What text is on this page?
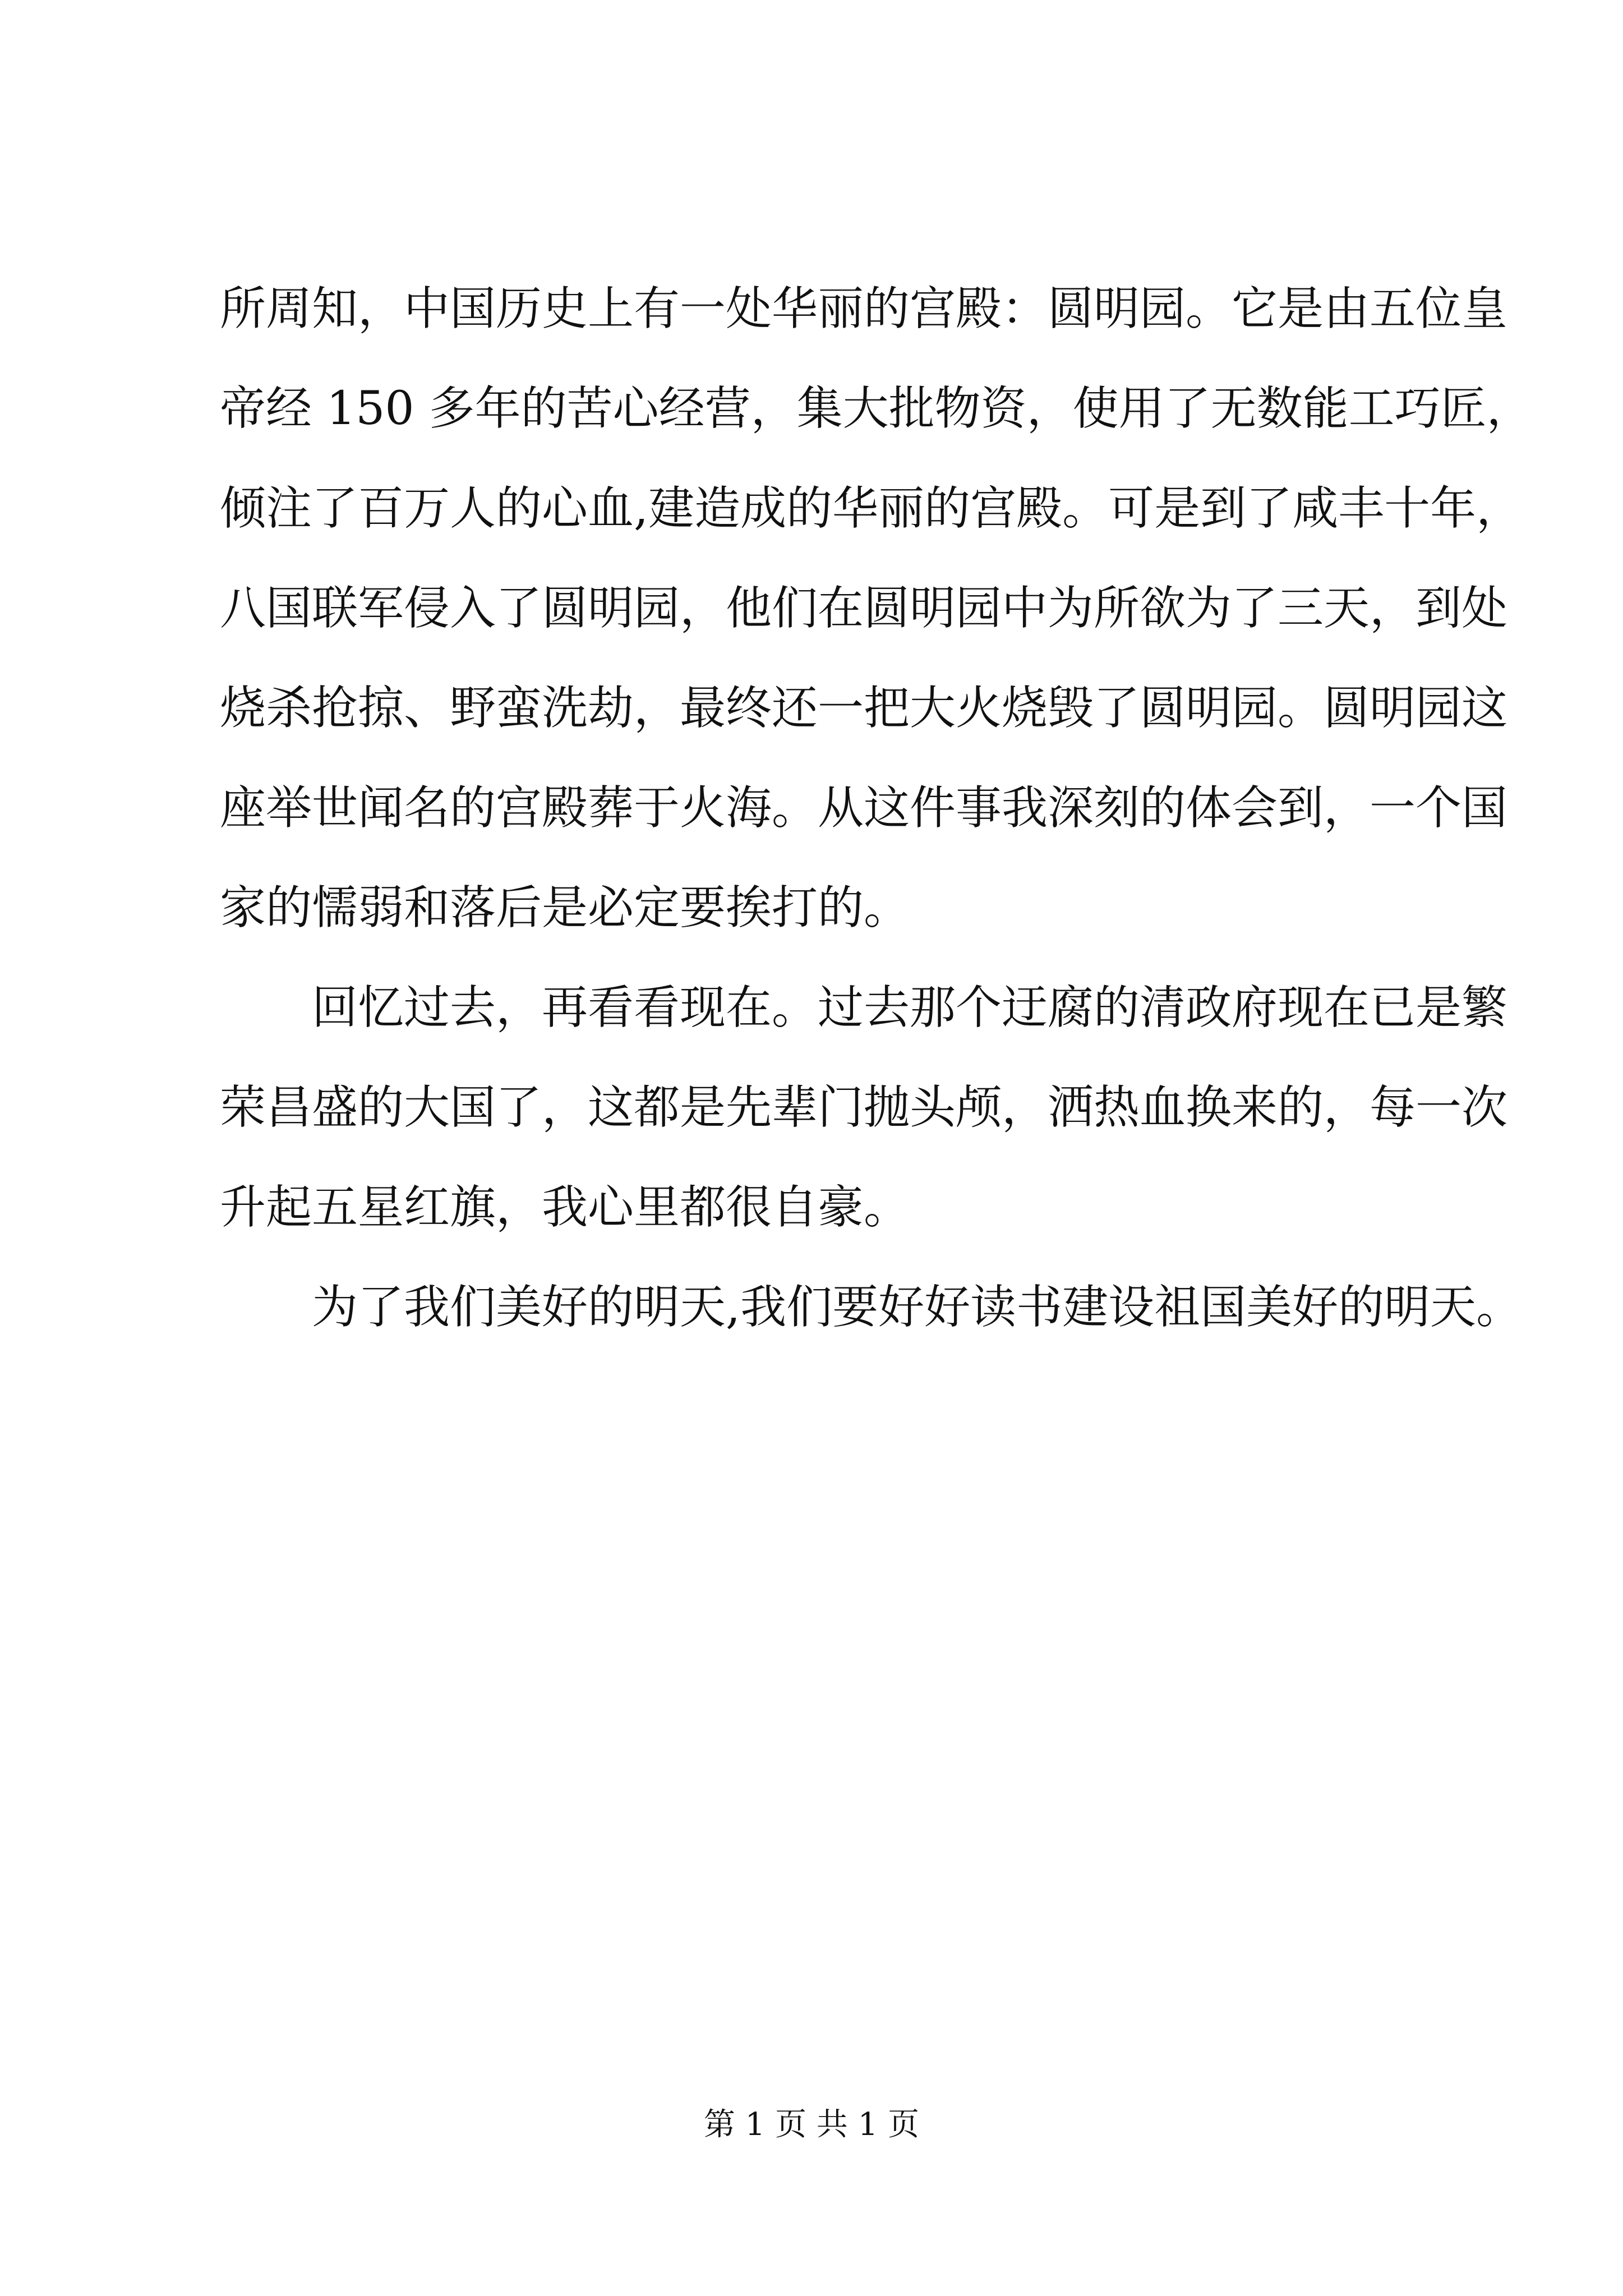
所周知，中国历史上有一处华丽的宫殿：圆明园。它是由五位皇
帝经 150 多年的苦心经营，集大批物资，使用了无数能工巧匠，
倾注了百万人的心血,建造成的华丽的宫殿。可是到了咸丰十年，
八国联军侵入了圆明园，他们在圆明园中为所欲为了三天，到处
烧杀抢掠、野蛮洗劫，最终还一把大火烧毁了圆明园。圆明园这
座举世闻名的宫殿葬于火海。从这件事我深刻的体会到，一个国
家的懦弱和落后是必定要挨打的。
回忆过去，再看看现在。过去那个迂腐的清政府现在已是繁
荣昌盛的大国了，这都是先辈门抛头颅，洒热血换来的，每一次
升起五星红旗，我心里都很自豪。
为了我们美好的明天,我们要好好读书建设祖国美好的明天。
第 1 页 共 1 页
